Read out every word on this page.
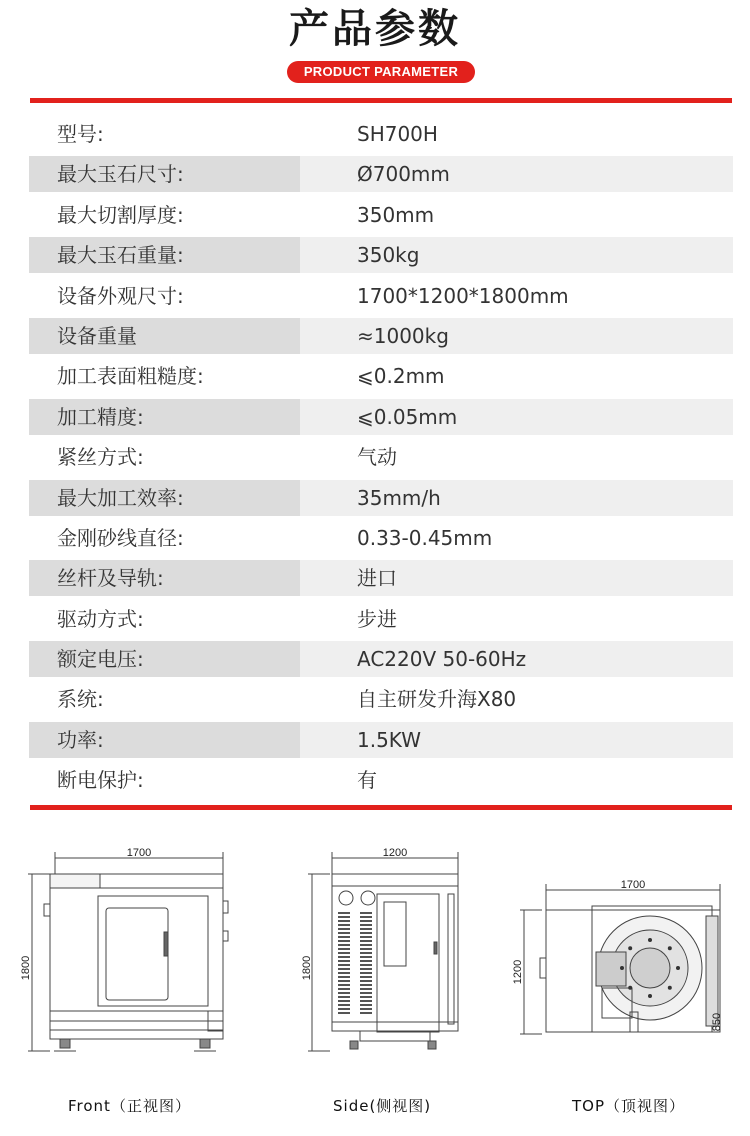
产品参数
PRODUCT PARAMETER
型号:	SH700H
最大玉石尺寸:	Ø700mm
最大切割厚度:	350mm
最大玉石重量:	350kg
设备外观尺寸:	1700*1200*1800mm
设备重量	≈1000kg
加工表面粗糙度:	⩽0.2mm
加工精度:	⩽0.05mm
紧丝方式:	气动
最大加工效率:	35mm/h
金刚砂线直径:	0.33-0.45mm
丝杆及导轨:	进口
驱动方式:	步进
额定电压:	AC220V 50-60Hz
系统:	自主研发升海X80
功率:	1.5KW
断电保护:	有
1700
1800
1200
1800
1700
1200
850
Front（正视图）	Side(侧视图)	TOP（顶视图）
